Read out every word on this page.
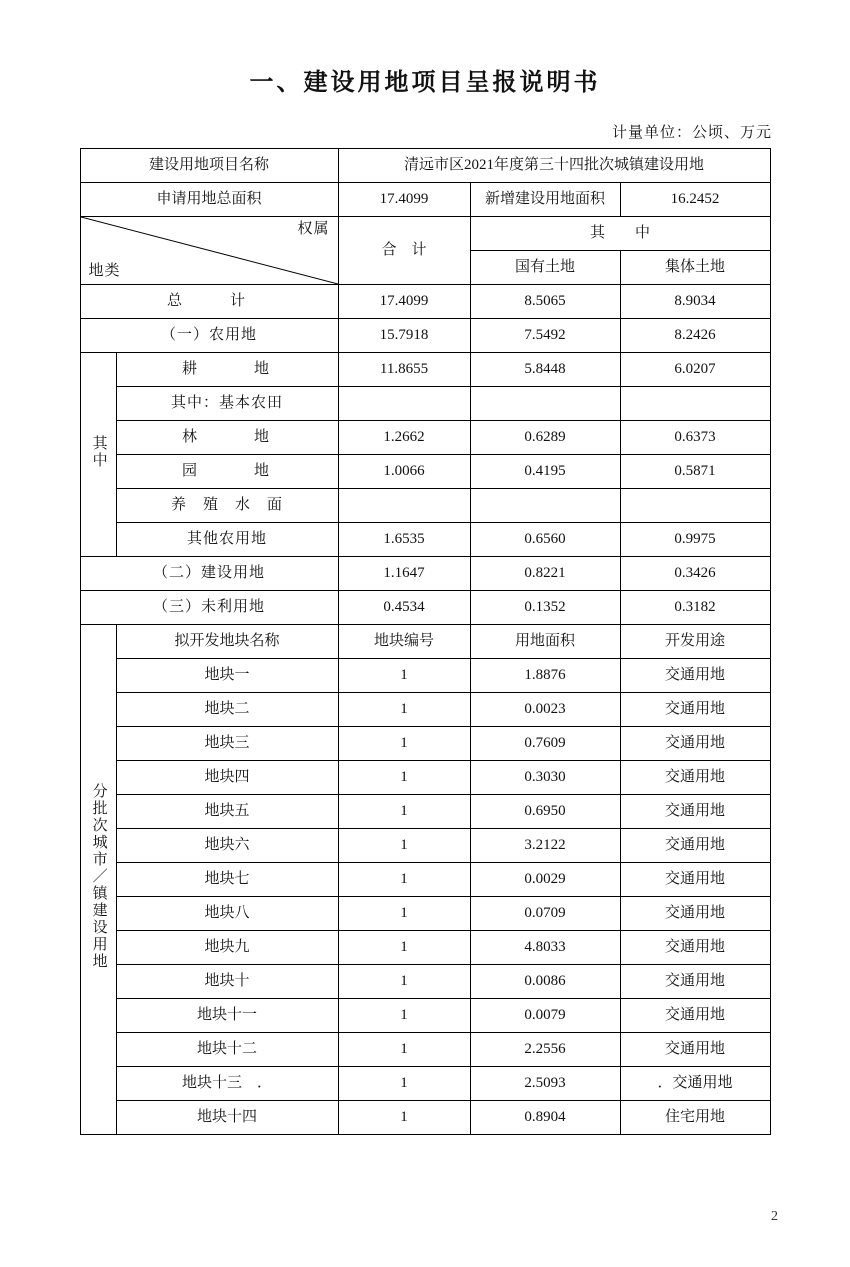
一、建设用地项目呈报说明书
计量单位：公顷、万元
建设用地项目名称		清远市区2021年度第三十四批次城镇建设用地		
申请用地总面积		17.4099	新增建设用地面积	16.2452

权属
地类		合　计	其　　中	
			国有土地	集体土地
总　　计		17.4099	8.5065	8.9034
（一）农用地		15.7918	7.5492	8.2426
其中	耕　　　地	11.8655	5.8448	6.0207
	其中：基本农田			
	林　　　地	1.2662	0.6289	0.6373
	园　　　地	1.0066	0.4195	0.5871
	养　殖　水　面			
	其他农用地	1.6535	0.6560	0.9975
（二）建设用地		1.1647	0.8221	0.3426
（三）未利用地		0.4534	0.1352	0.3182
分批次城市／镇建设用地	拟开发地块名称	地块编号	用地面积	开发用途
	地块一	1	1.8876	交通用地
	地块二	1	0.0023	交通用地
	地块三	1	0.7609	交通用地
	地块四	1	0.3030	交通用地
	地块五	1	0.6950	交通用地
	地块六	1	3.2122	交通用地
	地块七	1	0.0029	交通用地
	地块八	1	0.0709	交通用地
	地块九	1	4.8033	交通用地
	地块十	1	0.0086	交通用地
	地块十一	1	0.0079	交通用地
	地块十二	1	2.2556	交通用地
	地块十三　．	1	2.5093	．交通用地
	地块十四	1	0.8904	住宅用地
2
